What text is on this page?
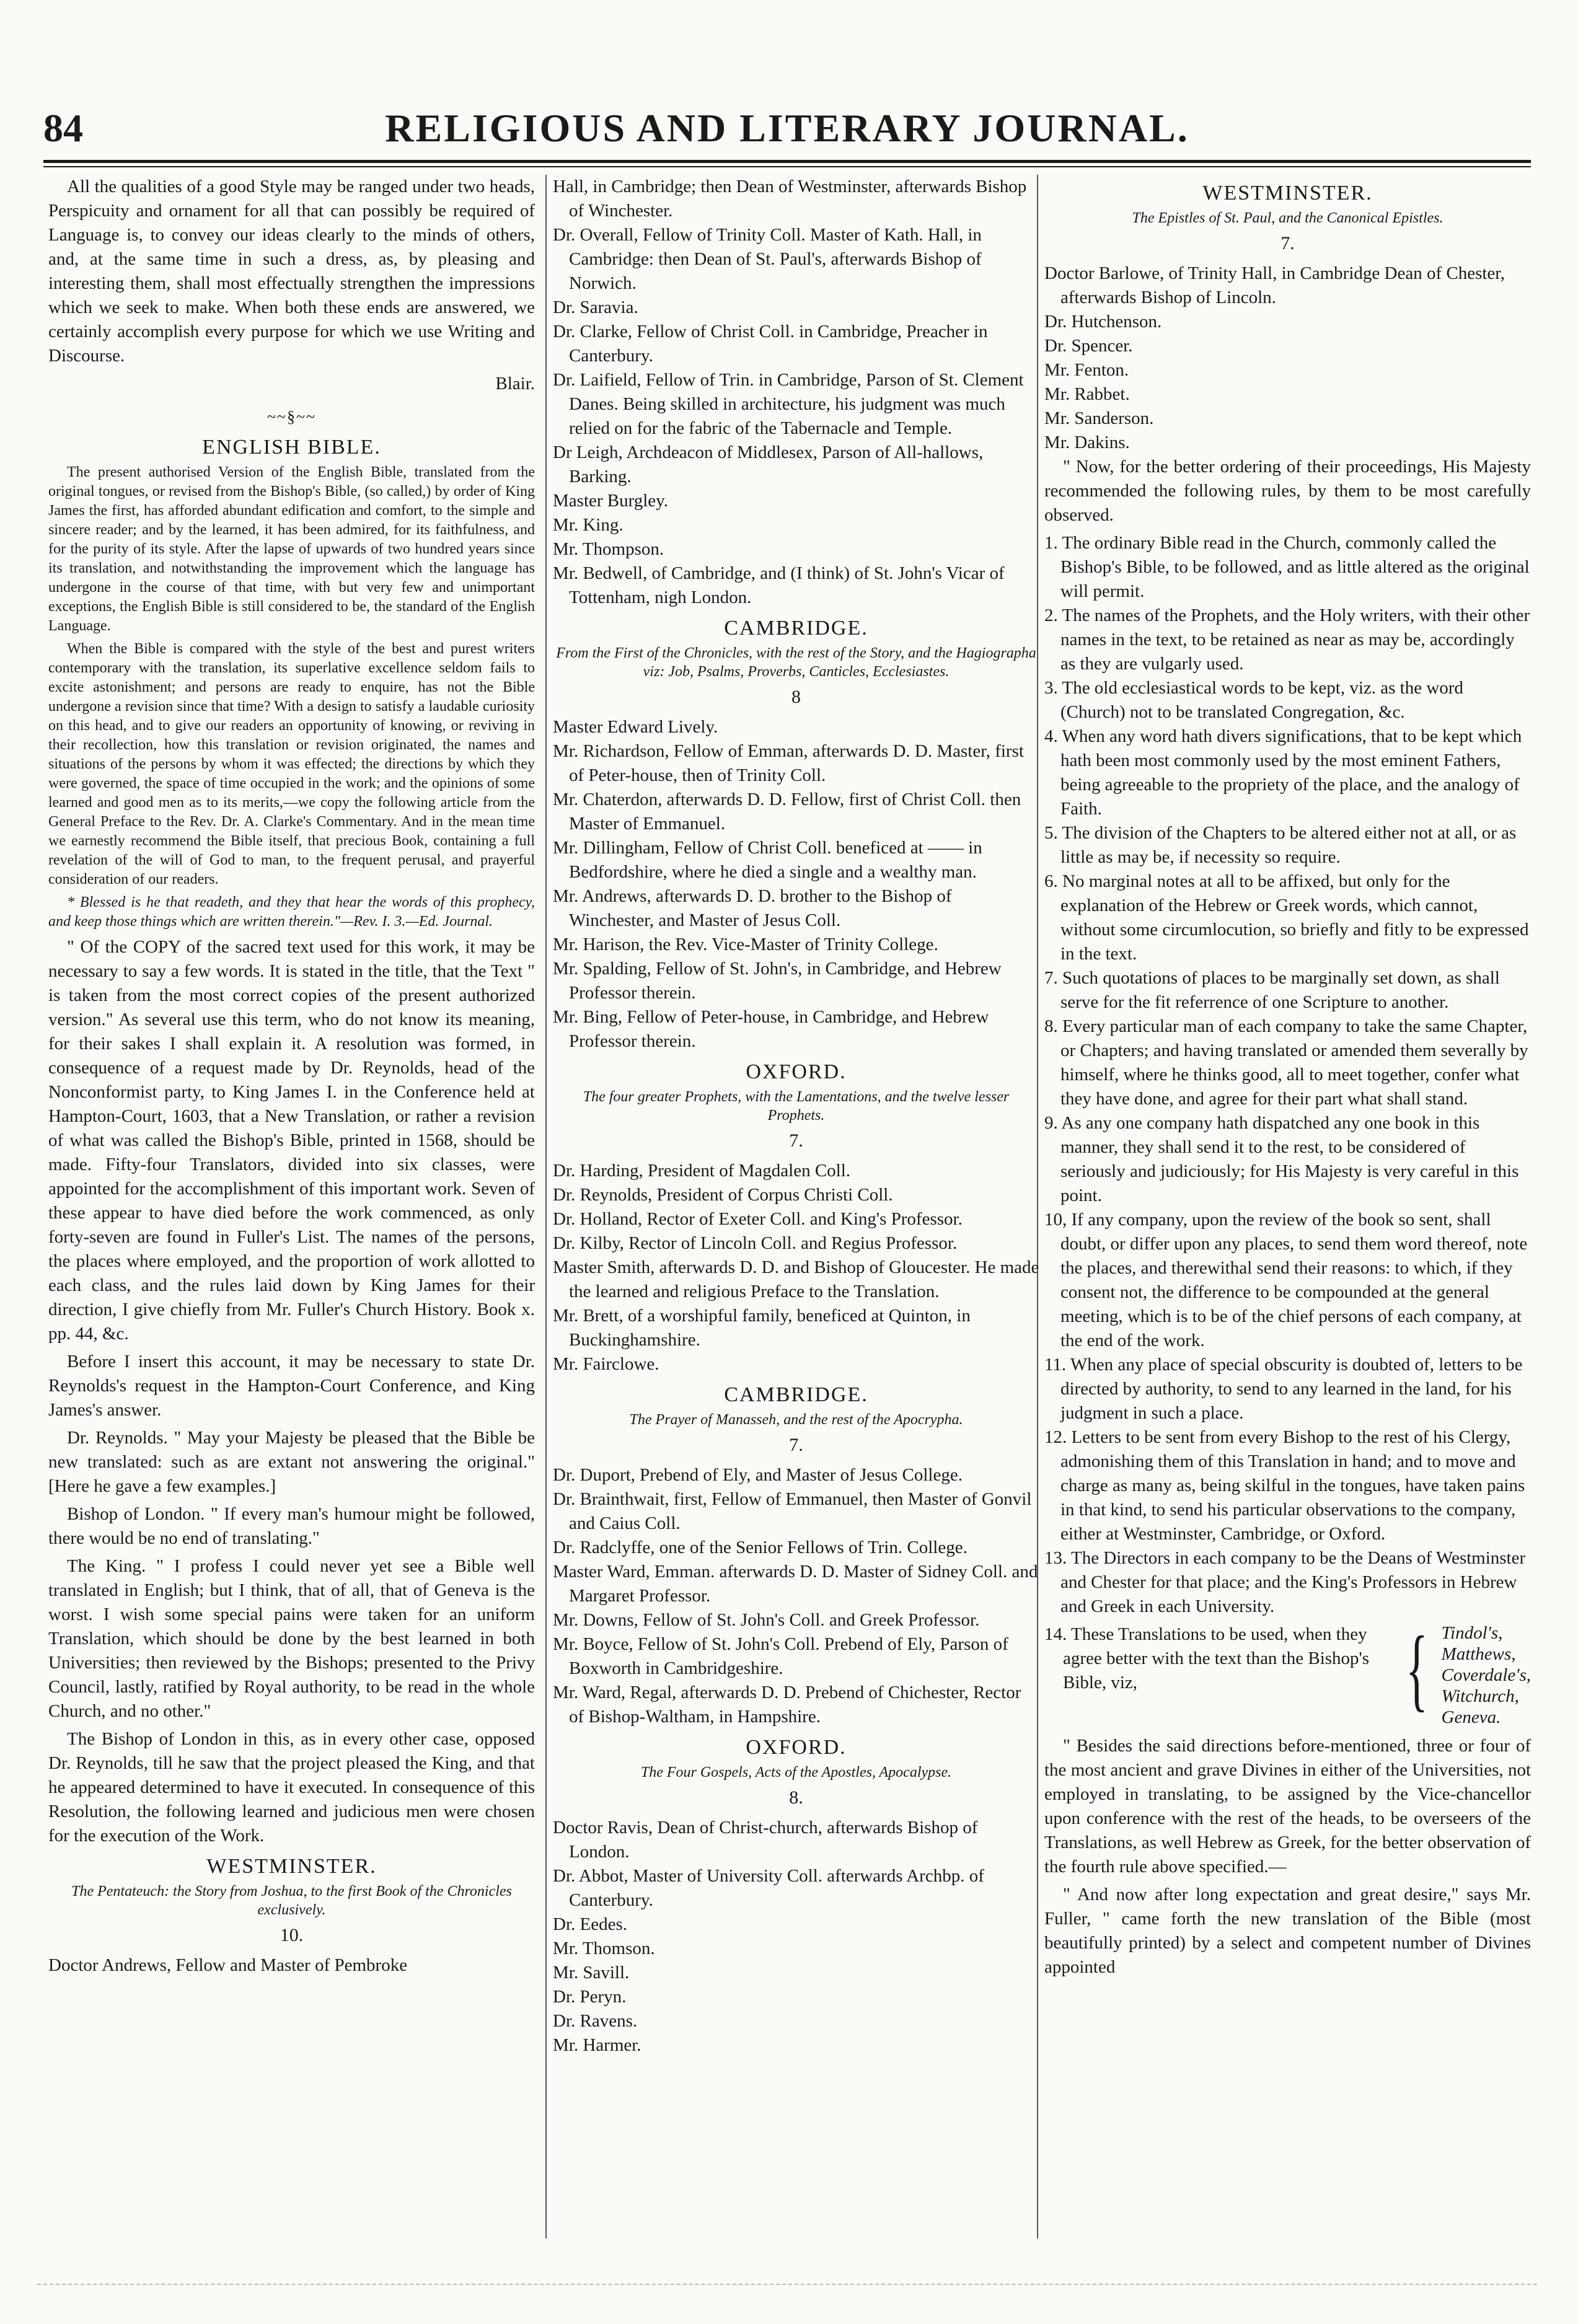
84	RELIGIOUS AND LITERARY JOURNAL.

All the qualities of a good Style may be ranged under two heads, Perspicuity and ornament for all that can possibly be required of Language is, to convey our ideas clearly to the minds of others, and, at the same time in such a dress, as, by pleasing and interesting them, shall most effectually strengthen the impressions which we seek to make. When both these ends are answered, we certainly accomplish every purpose for which we use Writing and Discourse.

Blair.
~~§~~
ENGLISH BIBLE.

The present authorised Version of the English Bible, translated from the original tongues, or revised from the Bishop's Bible, (so called,) by order of King James the first, has afforded abundant edification and comfort, to the simple and sincere reader; and by the learned, it has been admired, for its faithfulness, and for the purity of its style. After the lapse of upwards of two hundred years since its translation, and notwithstanding the improvement which the language has undergone in the course of that time, with but very few and unimportant exceptions, the English Bible is still considered to be, the standard of the English Language.

When the Bible is compared with the style of the best and purest writers contemporary with the translation, its superlative excellence seldom fails to excite astonishment; and persons are ready to enquire, has not the Bible undergone a revision since that time? With a design to satisfy a laudable curiosity on this head, and to give our readers an opportunity of knowing, or reviving in their recollection, how this translation or revision originated, the names and situations of the persons by whom it was effected; the directions by which they were governed, the space of time occupied in the work; and the opinions of some learned and good men as to its merits,—we copy the following article from the General Preface to the Rev. Dr. A. Clarke's Commentary. And in the mean time we earnestly recommend the Bible itself, that precious Book, containing a full revelation of the will of God to man, to the frequent perusal, and prayerful consideration of our readers.

* Blessed is he that readeth, and they that hear the words of this prophecy, and keep those things which are written therein."—Rev. I. 3.—Ed. Journal.

" Of the COPY of the sacred text used for this work, it may be necessary to say a few words. It is stated in the title, that the Text " is taken from the most correct copies of the present authorized version." As several use this term, who do not know its meaning, for their sakes I shall explain it. A resolution was formed, in consequence of a request made by Dr. Reynolds, head of the Nonconformist party, to King James I. in the Conference held at Hampton-Court, 1603, that a New Translation, or rather a revision of what was called the Bishop's Bible, printed in 1568, should be made. Fifty-four Translators, divided into six classes, were appointed for the accomplishment of this important work. Seven of these appear to have died before the work commenced, as only forty-seven are found in Fuller's List. The names of the persons, the places where employed, and the proportion of work allotted to each class, and the rules laid down by King James for their direction, I give chiefly from Mr. Fuller's Church History. Book x. pp. 44, &c.

Before I insert this account, it may be necessary to state Dr. Reynolds's request in the Hampton-Court Conference, and King James's answer.

Dr. Reynolds. " May your Majesty be pleased that the Bible be new translated: such as are extant not answering the original." [Here he gave a few examples.]

Bishop of London. " If every man's humour might be followed, there would be no end of translating."

The King. " I profess I could never yet see a Bible well translated in English; but I think, that of all, that of Geneva is the worst. I wish some special pains were taken for an uniform Translation, which should be done by the best learned in both Universities; then reviewed by the Bishops; presented to the Privy Council, lastly, ratified by Royal authority, to be read in the whole Church, and no other."

The Bishop of London in this, as in every other case, opposed Dr. Reynolds, till he saw that the project pleased the King, and that he appeared determined to have it executed. In consequence of this Resolution, the following learned and judicious men were chosen for the execution of the Work.

WESTMINSTER.
The Pentateuch: the Story from Joshua, to the first Book of the Chronicles exclusively.
10.
Doctor Andrews, Fellow and Master of Pembroke
Hall, in Cambridge; then Dean of Westminster, afterwards Bishop of Winchester.
Dr. Overall, Fellow of Trinity Coll. Master of Kath. Hall, in Cambridge: then Dean of St. Paul's, afterwards Bishop of Norwich.
Dr. Saravia.
Dr. Clarke, Fellow of Christ Coll. in Cambridge, Preacher in Canterbury.
Dr. Laifield, Fellow of Trin. in Cambridge, Parson of St. Clement Danes. Being skilled in architecture, his judgment was much relied on for the fabric of the Tabernacle and Temple.
Dr Leigh, Archdeacon of Middlesex, Parson of All-hallows, Barking.
Master Burgley.
Mr. King.
Mr. Thompson.
Mr. Bedwell, of Cambridge, and (I think) of St. John's Vicar of Tottenham, nigh London.
CAMBRIDGE.
From the First of the Chronicles, with the rest of the Story, and the Hagiographa viz: Job, Psalms, Proverbs, Canticles, Ecclesiastes.
8
Master Edward Lively.
Mr. Richardson, Fellow of Emman, afterwards D. D. Master, first of Peter-house, then of Trinity Coll.
Mr. Chaterdon, afterwards D. D. Fellow, first of Christ Coll. then Master of Emmanuel.
Mr. Dillingham, Fellow of Christ Coll. beneficed at —— in Bedfordshire, where he died a single and a wealthy man.
Mr. Andrews, afterwards D. D. brother to the Bishop of Winchester, and Master of Jesus Coll.
Mr. Harison, the Rev. Vice-Master of Trinity College.
Mr. Spalding, Fellow of St. John's, in Cambridge, and Hebrew Professor therein.
Mr. Bing, Fellow of Peter-house, in Cambridge, and Hebrew Professor therein.
OXFORD.
The four greater Prophets, with the Lamentations, and the twelve lesser Prophets.
7.
Dr. Harding, President of Magdalen Coll.
Dr. Reynolds, President of Corpus Christi Coll.
Dr. Holland, Rector of Exeter Coll. and King's Professor.
Dr. Kilby, Rector of Lincoln Coll. and Regius Professor.
Master Smith, afterwards D. D. and Bishop of Gloucester. He made the learned and religious Preface to the Translation.
Mr. Brett, of a worshipful family, beneficed at Quinton, in Buckinghamshire.
Mr. Fairclowe.
CAMBRIDGE.
The Prayer of Manasseh, and the rest of the Apocrypha.
7.
Dr. Duport, Prebend of Ely, and Master of Jesus College.
Dr. Brainthwait, first, Fellow of Emmanuel, then Master of Gonvil and Caius Coll.
Dr. Radclyffe, one of the Senior Fellows of Trin. College.
Master Ward, Emman. afterwards D. D. Master of Sidney Coll. and Margaret Professor.
Mr. Downs, Fellow of St. John's Coll. and Greek Professor.
Mr. Boyce, Fellow of St. John's Coll. Prebend of Ely, Parson of Boxworth in Cambridgeshire.
Mr. Ward, Regal, afterwards D. D. Prebend of Chichester, Rector of Bishop-Waltham, in Hampshire.
OXFORD.
The Four Gospels, Acts of the Apostles, Apocalypse.
8.
Doctor Ravis, Dean of Christ-church, afterwards Bishop of London.
Dr. Abbot, Master of University Coll. afterwards Archbp. of Canterbury.
Dr. Eedes.
Mr. Thomson.
Mr. Savill.
Dr. Peryn.
Dr. Ravens.
Mr. Harmer.
WESTMINSTER.
The Epistles of St. Paul, and the Canonical Epistles.
7.
Doctor Barlowe, of Trinity Hall, in Cambridge Dean of Chester, afterwards Bishop of Lincoln.
Dr. Hutchenson.
Dr. Spencer.
Mr. Fenton.
Mr. Rabbet.
Mr. Sanderson.
Mr. Dakins.

" Now, for the better ordering of their proceedings, His Majesty recommended the following rules, by them to be most carefully observed.

1. The ordinary Bible read in the Church, commonly called the Bishop's Bible, to be followed, and as little altered as the original will permit.
2. The names of the Prophets, and the Holy writers, with their other names in the text, to be retained as near as may be, accordingly as they are vulgarly used.
3. The old ecclesiastical words to be kept, viz. as the word (Church) not to be translated Congregation, &c.
4. When any word hath divers significations, that to be kept which hath been most commonly used by the most eminent Fathers, being agreeable to the propriety of the place, and the analogy of Faith.
5. The division of the Chapters to be altered either not at all, or as little as may be, if necessity so require.
6. No marginal notes at all to be affixed, but only for the explanation of the Hebrew or Greek words, which cannot, without some circumlocution, so briefly and fitly to be expressed in the text.
7. Such quotations of places to be marginally set down, as shall serve for the fit referrence of one Scripture to another.
8. Every particular man of each company to take the same Chapter, or Chapters; and having translated or amended them severally by himself, where he thinks good, all to meet together, confer what they have done, and agree for their part what shall stand.
9. As any one company hath dispatched any one book in this manner, they shall send it to the rest, to be considered of seriously and judiciously; for His Majesty is very careful in this point.
10, If any company, upon the review of the book so sent, shall doubt, or differ upon any places, to send them word thereof, note the places, and therewithal send their reasons: to which, if they consent not, the difference to be compounded at the general meeting, which is to be of the chief persons of each company, at the end of the work.
11. When any place of special obscurity is doubted of, letters to be directed by authority, to send to any learned in the land, for his judgment in such a place.
12. Letters to be sent from every Bishop to the rest of his Clergy, admonishing them of this Translation in hand; and to move and charge as many as, being skilful in the tongues, have taken pains in that kind, to send his particular observations to the company, either at Westminster, Cambridge, or Oxford.
13. The Directors in each company to be the Deans of Westminster and Chester for that place; and the King's Professors in Hebrew and Greek in each University.
14. These Translations to be used, when they agree better with the text than the Bishop's Bible, viz,	{ Tindol's,
Matthews,
Coverdale's,
Witchurch,
Geneva.

" Besides the said directions before-mentioned, three or four of the most ancient and grave Divines in either of the Universities, not employed in translating, to be assigned by the Vice-chancellor upon conference with the rest of the heads, to be overseers of the Translations, as well Hebrew as Greek, for the better observation of the fourth rule above specified.—

" And now after long expectation and great desire," says Mr. Fuller, " came forth the new translation of the Bible (most beautifully printed) by a select and competent number of Divines appointed
